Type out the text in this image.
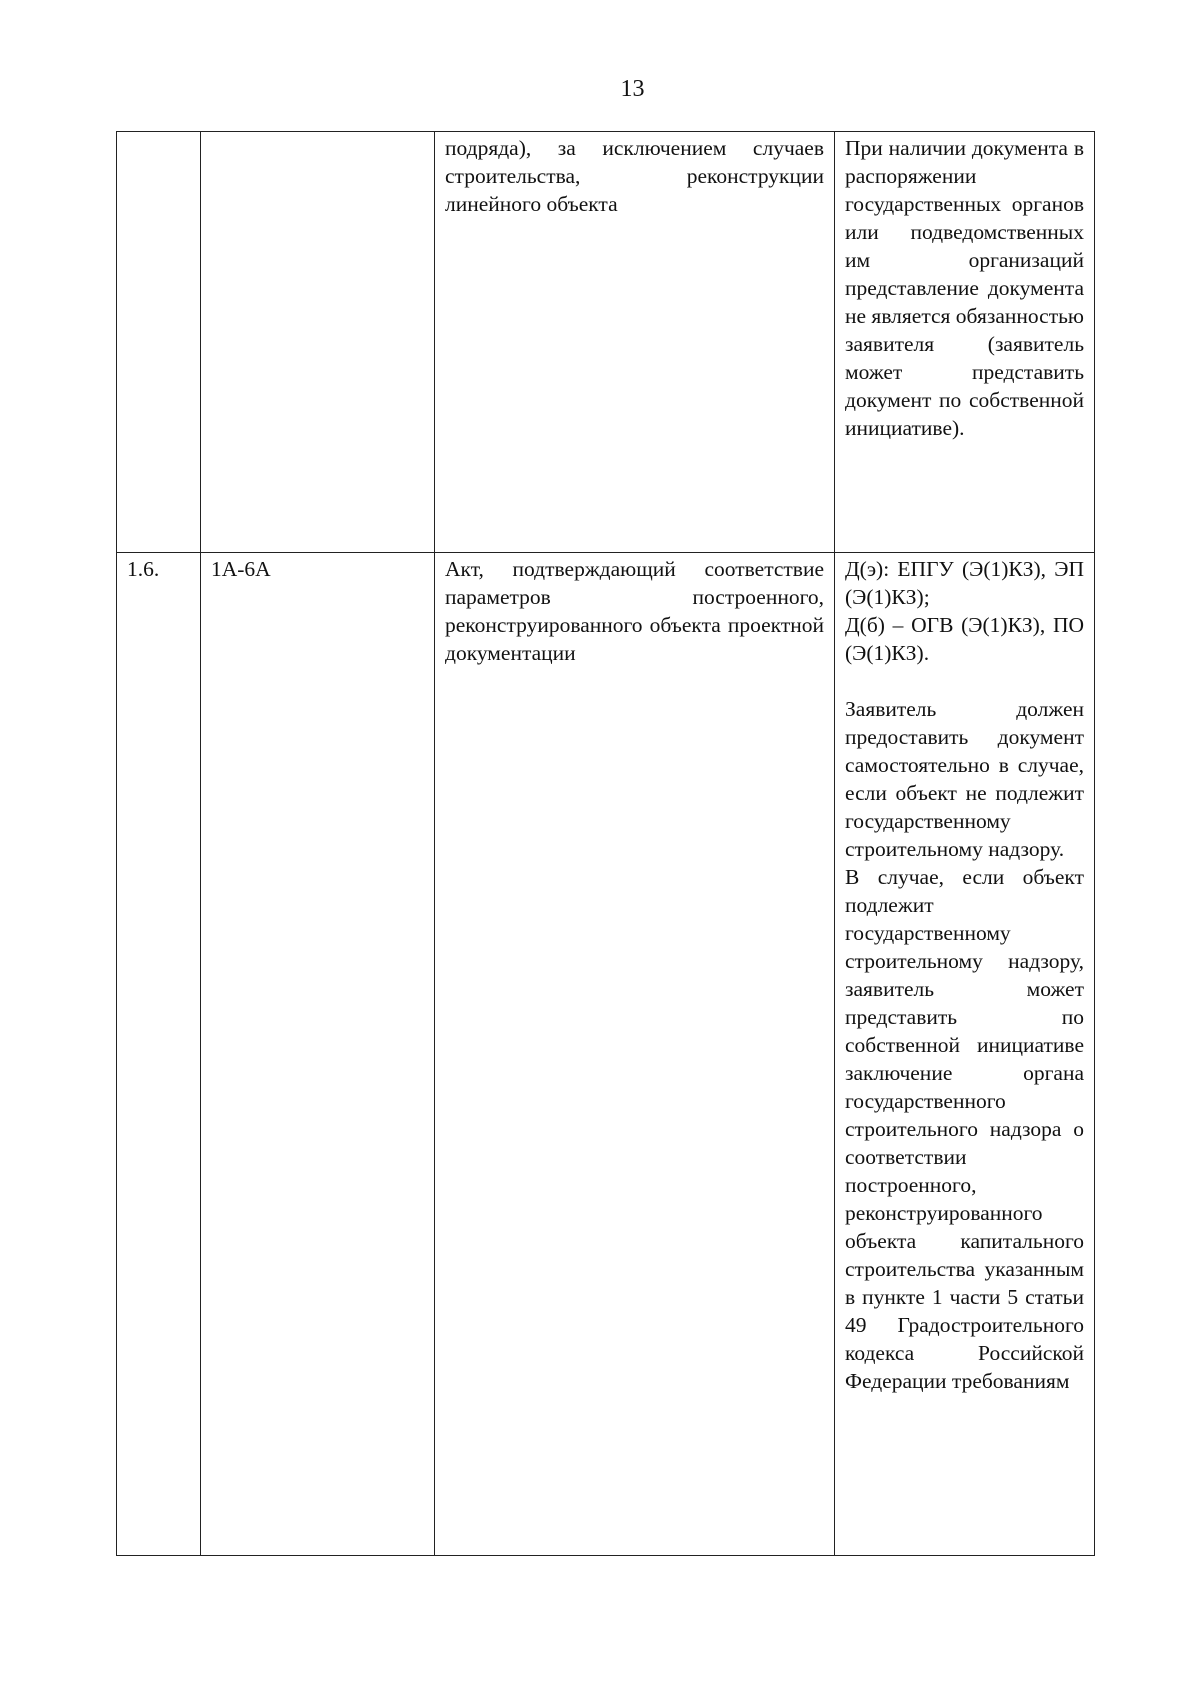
13
		подряда), за исключением случаев строительства, реконструкции линейного объекта	При наличии документа в распоряжении государственных органов или подведомственных им организаций представление документа не является обязанностью заявителя (заявитель может представить документ по собственной инициативе).

1.6.	1А-6А	Акт, подтверждающий соответствие параметров построенного, реконструированного объекта проектной документации	Д(э): ЕПГУ (Э(1)КЗ), ЭП (Э(1)КЗ);
Д(б) – ОГВ (Э(1)КЗ), ПО (Э(1)КЗ).
Заявитель должен предоставить документ самостоятельно в случае, если объект не подлежит государственному строительному надзору.
В случае, если объект подлежит государственному строительному надзору, заявитель может представить по собственной инициативе заключение органа государственного строительного надзора о соответствии построенного, реконструированного объекта капитального строительства указанным в пункте 1 части 5 статьи 49 Градостроительного кодекса Российской Федерации требованиям
